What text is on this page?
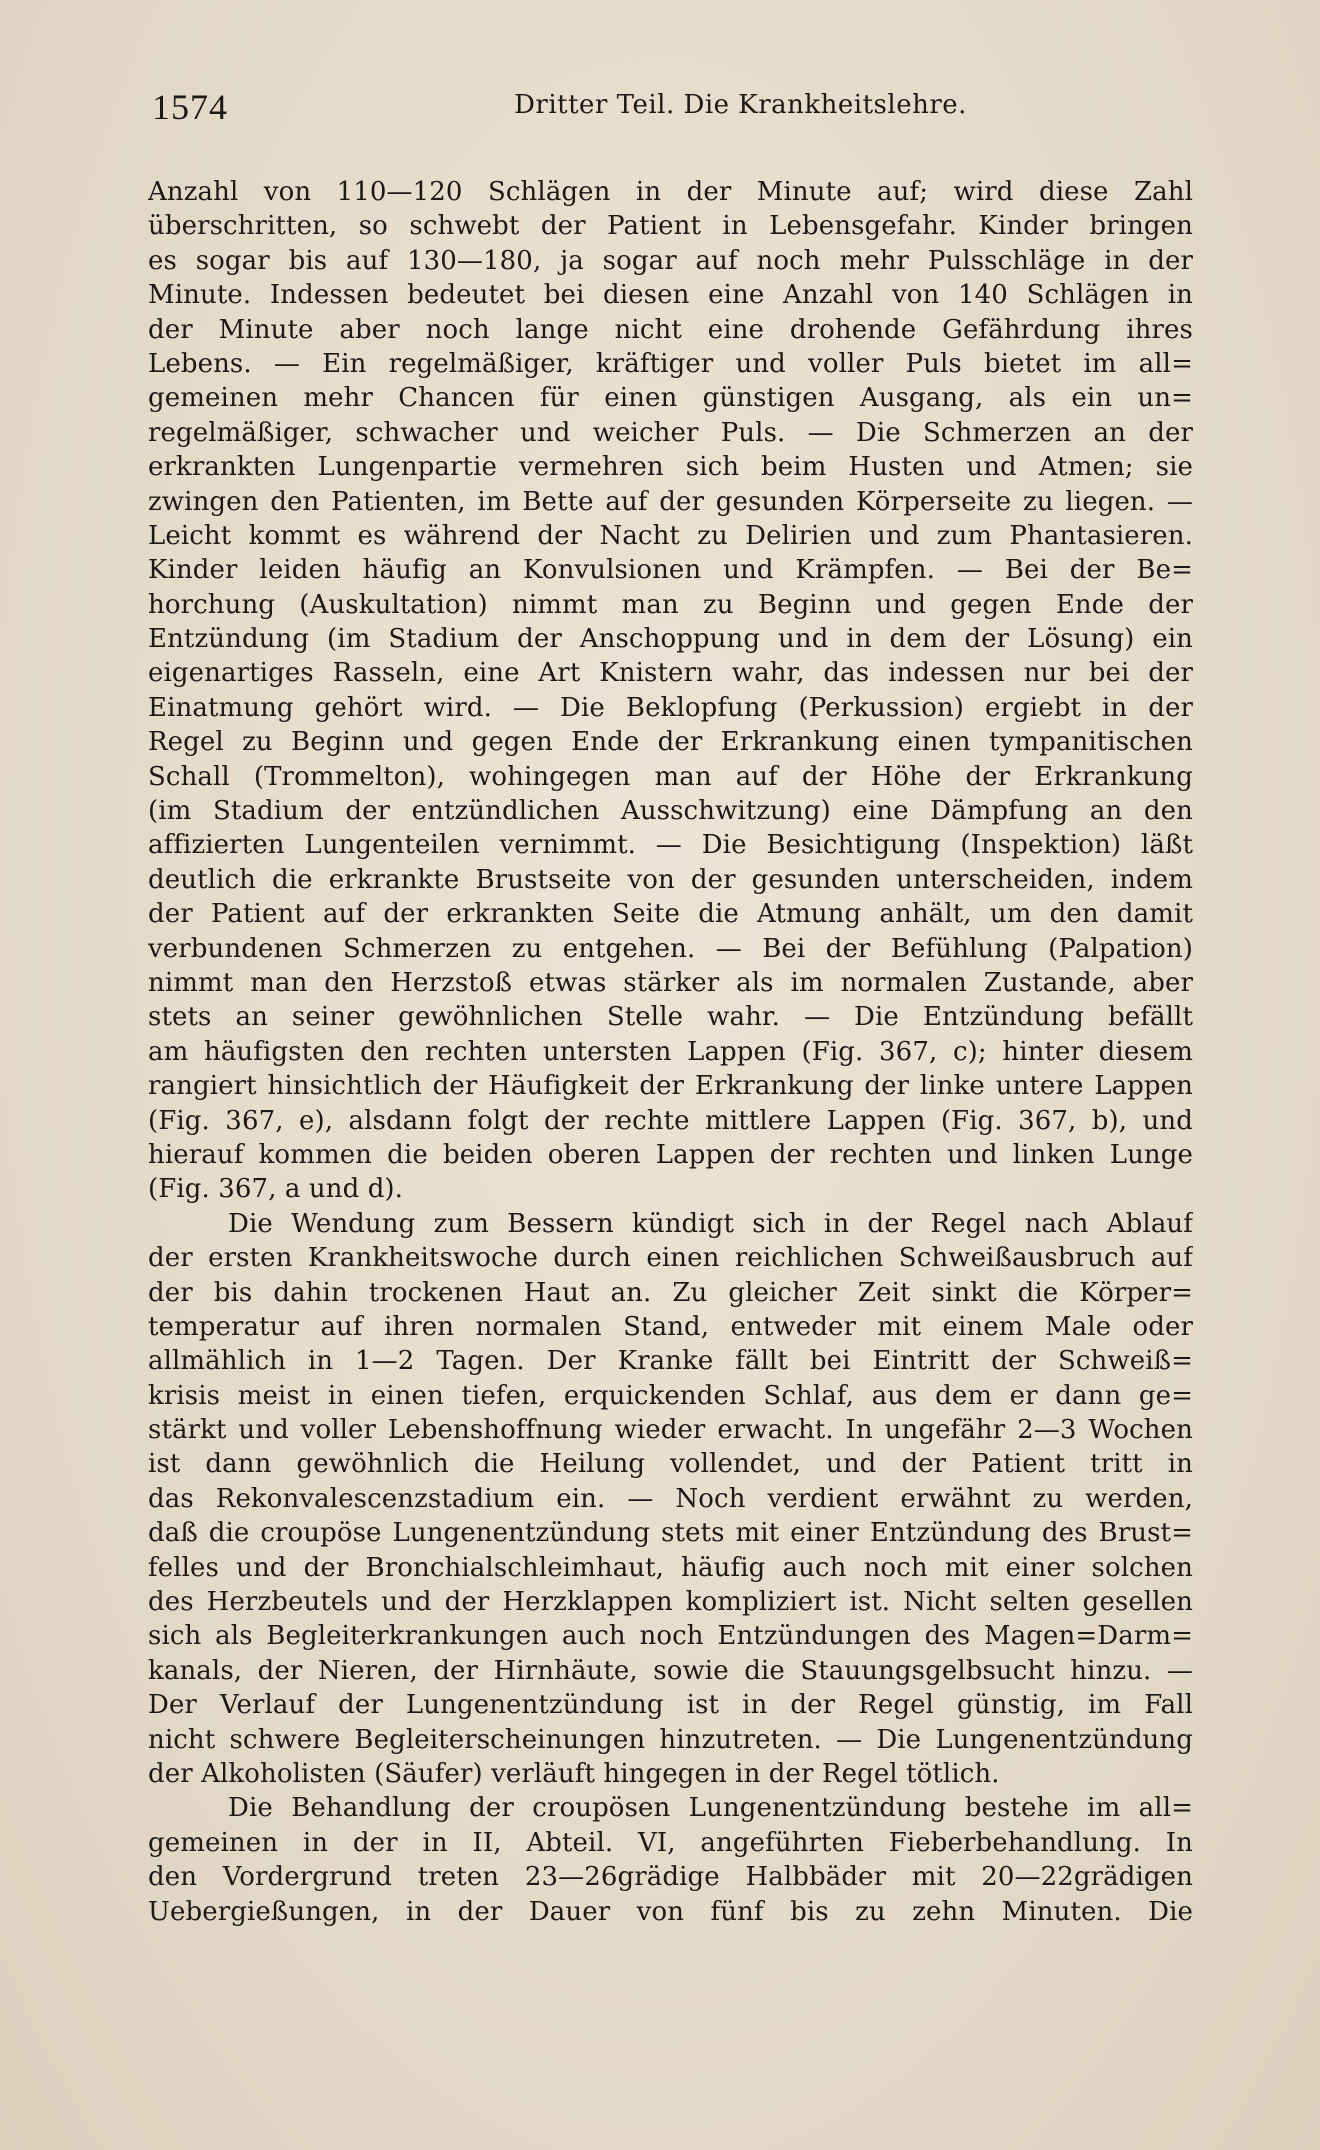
1574	Dritter Teil. Die Krankheitslehre.
Anzahl von 110—120 Schlägen in der Minute auf; wird diese Zahl
überschritten, so schwebt der Patient in Lebensgefahr. Kinder bringen
es sogar bis auf 130—180, ja sogar auf noch mehr Pulsschläge in der
Minute. Indessen bedeutet bei diesen eine Anzahl von 140 Schlägen in
der Minute aber noch lange nicht eine drohende Gefährdung ihres
Lebens. — Ein regelmäßiger, kräftiger und voller Puls bietet im all=
gemeinen mehr Chancen für einen günstigen Ausgang, als ein un=
regelmäßiger, schwacher und weicher Puls. — Die Schmerzen an der
erkrankten Lungenpartie vermehren sich beim Husten und Atmen; sie
zwingen den Patienten, im Bette auf der gesunden Körperseite zu liegen. —
Leicht kommt es während der Nacht zu Delirien und zum Phantasieren.
Kinder leiden häufig an Konvulsionen und Krämpfen. — Bei der Be=
horchung (Auskultation) nimmt man zu Beginn und gegen Ende der
Entzündung (im Stadium der Anschoppung und in dem der Lösung) ein
eigenartiges Rasseln, eine Art Knistern wahr, das indessen nur bei der
Einatmung gehört wird. — Die Beklopfung (Perkussion) ergiebt in der
Regel zu Beginn und gegen Ende der Erkrankung einen tympanitischen
Schall (Trommelton), wohingegen man auf der Höhe der Erkrankung
(im Stadium der entzündlichen Ausschwitzung) eine Dämpfung an den
affizierten Lungenteilen vernimmt. — Die Besichtigung (Inspektion) läßt
deutlich die erkrankte Brustseite von der gesunden unterscheiden, indem
der Patient auf der erkrankten Seite die Atmung anhält, um den damit
verbundenen Schmerzen zu entgehen. — Bei der Befühlung (Palpation)
nimmt man den Herzstoß etwas stärker als im normalen Zustande, aber
stets an seiner gewöhnlichen Stelle wahr. — Die Entzündung befällt
am häufigsten den rechten untersten Lappen (Fig. 367, c); hinter diesem
rangiert hinsichtlich der Häufigkeit der Erkrankung der linke untere Lappen
(Fig. 367, e), alsdann folgt der rechte mittlere Lappen (Fig. 367, b), und
hierauf kommen die beiden oberen Lappen der rechten und linken Lunge
(Fig. 367, a und d).
Die Wendung zum Bessern kündigt sich in der Regel nach Ablauf
der ersten Krankheitswoche durch einen reichlichen Schweißausbruch auf
der bis dahin trockenen Haut an. Zu gleicher Zeit sinkt die Körper=
temperatur auf ihren normalen Stand, entweder mit einem Male oder
allmählich in 1—2 Tagen. Der Kranke fällt bei Eintritt der Schweiß=
krisis meist in einen tiefen, erquickenden Schlaf, aus dem er dann ge=
stärkt und voller Lebenshoffnung wieder erwacht. In ungefähr 2—3 Wochen
ist dann gewöhnlich die Heilung vollendet, und der Patient tritt in
das Rekonvalescenzstadium ein. — Noch verdient erwähnt zu werden,
daß die croupöse Lungenentzündung stets mit einer Entzündung des Brust=
felles und der Bronchialschleimhaut, häufig auch noch mit einer solchen
des Herzbeutels und der Herzklappen kompliziert ist. Nicht selten gesellen
sich als Begleiterkrankungen auch noch Entzündungen des Magen=Darm=
kanals, der Nieren, der Hirnhäute, sowie die Stauungsgelbsucht hinzu. —
Der Verlauf der Lungenentzündung ist in der Regel günstig, im Fall
nicht schwere Begleiterscheinungen hinzutreten. — Die Lungenentzündung
der Alkoholisten (Säufer) verläuft hingegen in der Regel tötlich.
Die Behandlung der croupösen Lungenentzündung bestehe im all=
gemeinen in der in II, Abteil. VI, angeführten Fieberbehandlung. In
den Vordergrund treten 23—26grädige Halbbäder mit 20—22grädigen
Uebergießungen, in der Dauer von fünf bis zu zehn Minuten. Die
